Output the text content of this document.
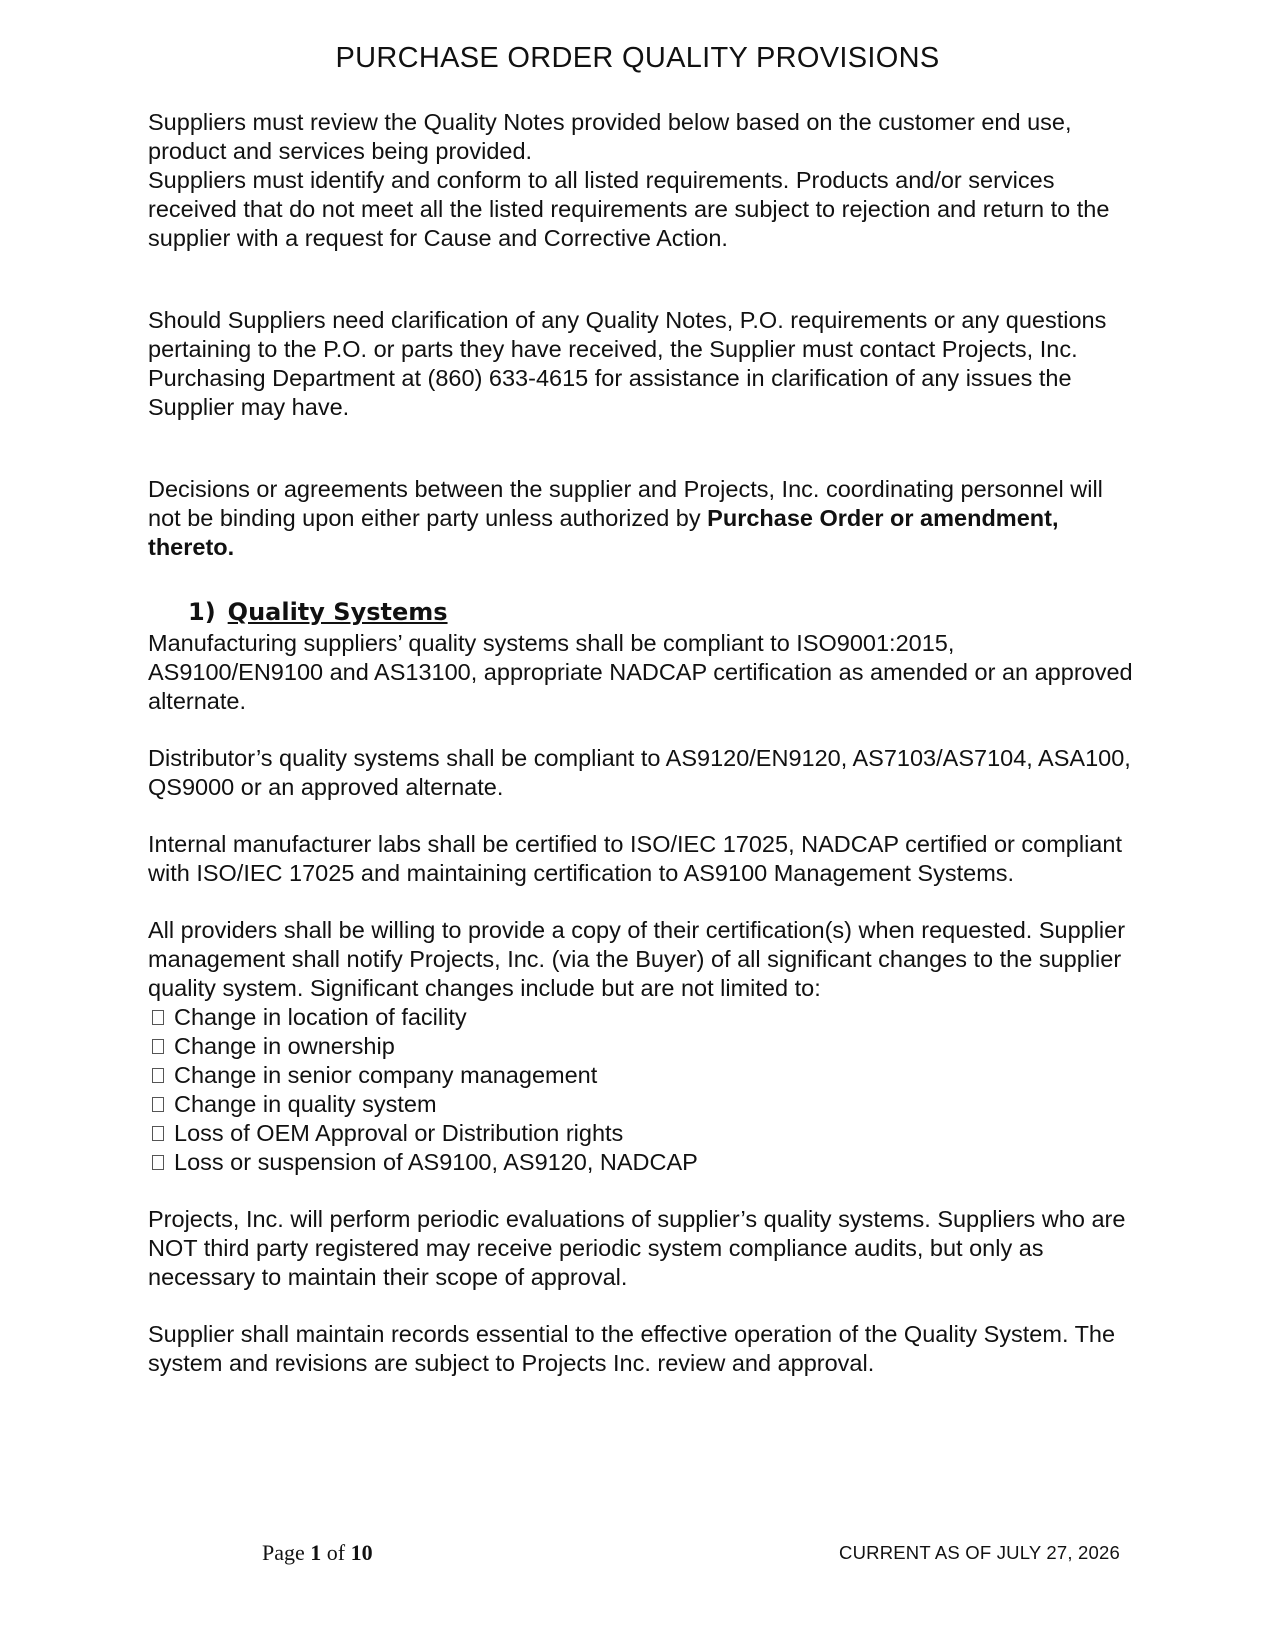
PURCHASE ORDER QUALITY PROVISIONS

Suppliers must review the Quality Notes provided below based on the customer end use, product and services being provided.

Suppliers must identify and conform to all listed requirements. Products and/or services received that do not meet all the listed requirements are subject to rejection and return to the supplier with a request for Cause and Corrective Action.

Should Suppliers need clarification of any Quality Notes, P.O. requirements or any questions pertaining to the P.O. or parts they have received, the Supplier must contact Projects, Inc. Purchasing Department at (860) 633-4615 for assistance in clarification of any issues the Supplier may have.

Decisions or agreements between the supplier and Projects, Inc. coordinating personnel will not be binding upon either party unless authorized by Purchase Order or amendment, thereto.

1) Quality Systems

Manufacturing suppliers’ quality systems shall be compliant to ISO9001:2015, AS9100/EN9100 and AS13100, appropriate NADCAP certification as amended or an approved alternate.

Distributor’s quality systems shall be compliant to AS9120/EN9120, AS7103/AS7104, ASA100, QS9000 or an approved alternate.

Internal manufacturer labs shall be certified to ISO/IEC 17025, NADCAP certified or compliant with ISO/IEC 17025 and maintaining certification to AS9100 Management Systems.

All providers shall be willing to provide a copy of their certification(s) when requested. Supplier management shall notify Projects, Inc. (via the Buyer) of all significant changes to the supplier quality system. Significant changes include but are not limited to:

Change in location of facility
Change in ownership
Change in senior company management
Change in quality system
Loss of OEM Approval or Distribution rights
Loss or suspension of AS9100, AS9120, NADCAP

Projects, Inc. will perform periodic evaluations of supplier’s quality systems. Suppliers who are NOT third party registered may receive periodic system compliance audits, but only as necessary to maintain their scope of approval.

Supplier shall maintain records essential to the effective operation of the Quality System. The system and revisions are subject to Projects Inc. review and approval.

Page 1 of 10	CURRENT AS OF JULY 27, 2026
